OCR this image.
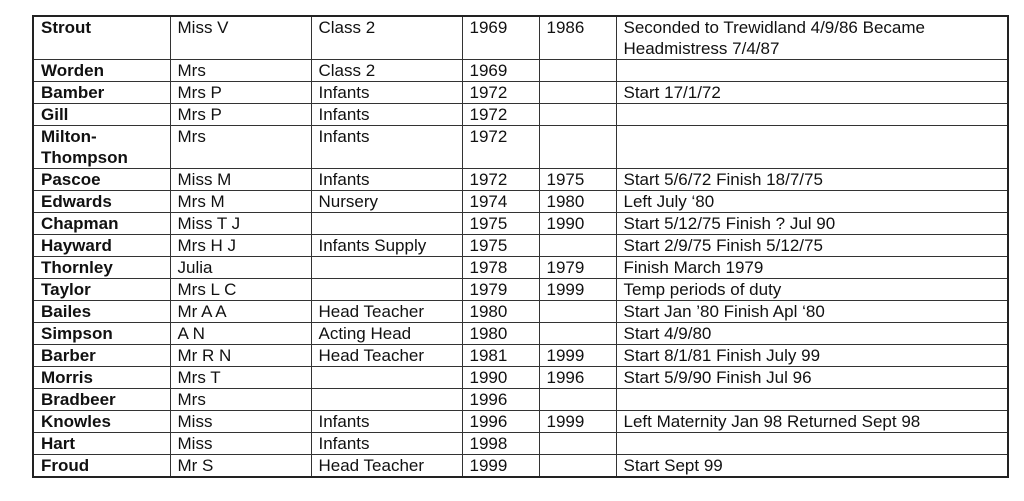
Strout	Miss V	Class 2	1969	1986	Seconded to Trewidland 4/9/86 Became Headmistress 7/4/87
Worden	Mrs	Class 2	1969		
Bamber	Mrs P	Infants	1972		Start 17/1/72
Gill	Mrs P	Infants	1972		
Milton-Thompson	Mrs	Infants	1972		
Pascoe	Miss M	Infants	1972	1975	Start 5/6/72 Finish 18/7/75
Edwards	Mrs M	Nursery	1974	1980	Left July ‘80
Chapman	Miss T J		1975	1990	Start 5/12/75 Finish ? Jul 90
Hayward	Mrs H J	Infants Supply	1975		Start 2/9/75 Finish 5/12/75
Thornley	Julia		1978	1979	Finish March 1979
Taylor	Mrs L C		1979	1999	Temp periods of duty
Bailes	Mr A A	Head Teacher	1980		Start Jan ’80 Finish Apl ‘80
Simpson	A N	Acting Head	1980		Start 4/9/80
Barber	Mr R N	Head Teacher	1981	1999	Start 8/1/81 Finish July 99
Morris	Mrs T		1990	1996	Start 5/9/90 Finish Jul 96
Bradbeer	Mrs		1996		
Knowles	Miss	Infants	1996	1999	Left Maternity Jan 98 Returned Sept 98
Hart	Miss	Infants	1998		
Froud	Mr S	Head Teacher	1999		Start Sept 99
